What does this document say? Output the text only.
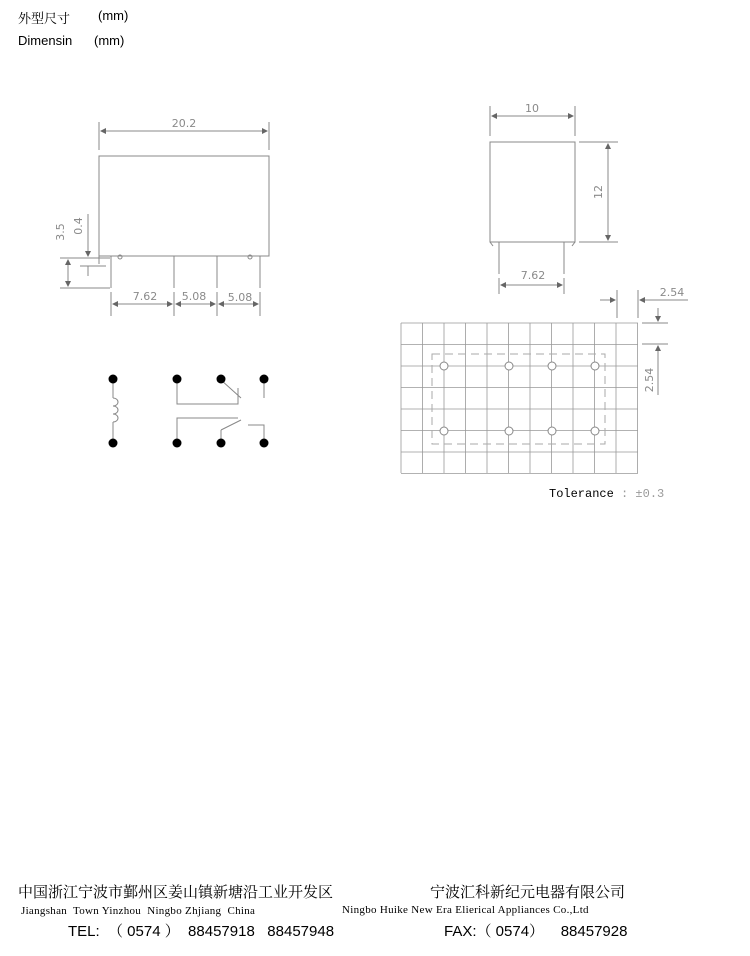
外型尺寸 (mm)
Dimensin (mm)
20.2
3.5 0.4
7.62 5.08 5.08
10
12
7.62
2.54
2.54
Tolerance : ±0.3
中国浙江宁波市鄞州区姜山镇新塘沿工业开发区	宁波汇科新纪元电器有限公司
Jiangshan  Town Yinzhou  Ningbo Zhjiang  China	Ningbo Huike New Era Elierical Appliances Co.,Ltd
TEL:  （ 0574 ）  88457918   88457948	FAX:（ 0574）    88457928
